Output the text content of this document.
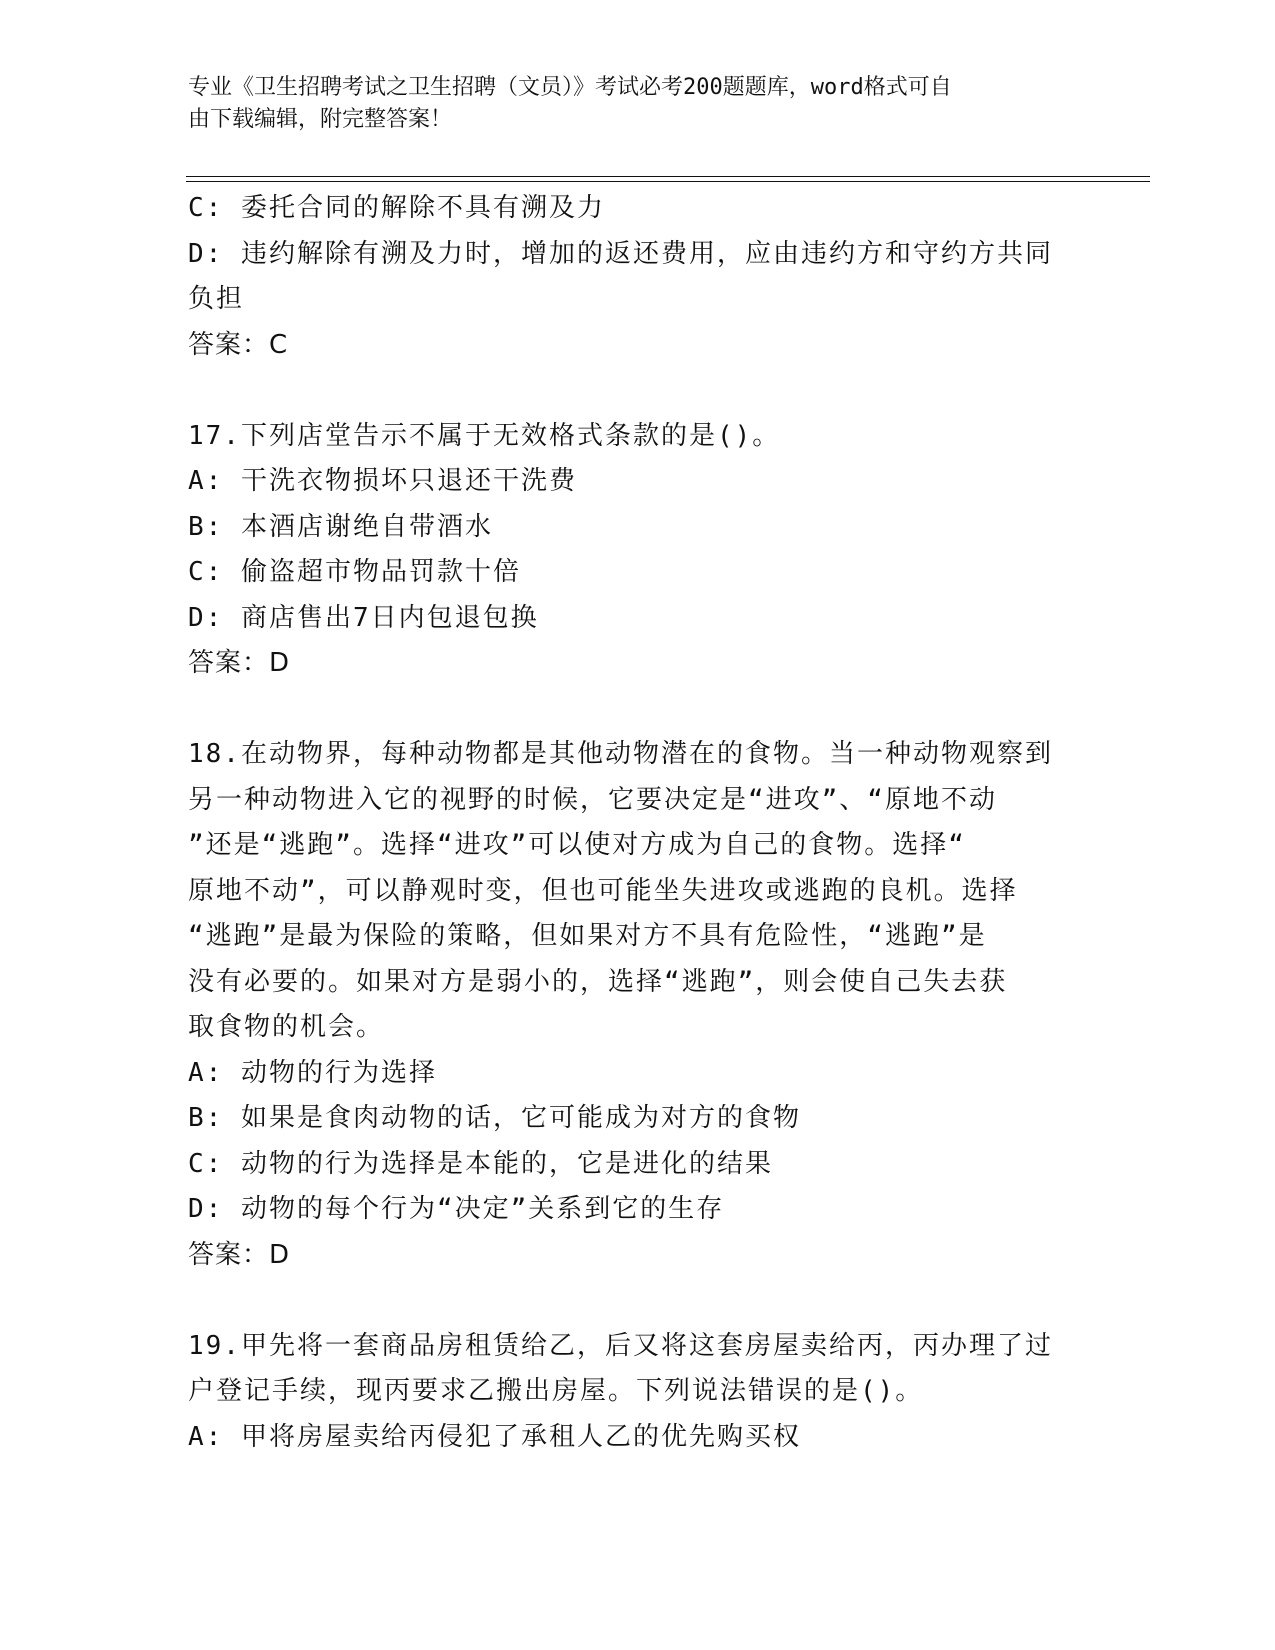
专业《卫生招聘考试之卫生招聘（文员）》考试必考200题题库，word格式可自
由下载编辑，附完整答案！
C: 委托合同的解除不具有溯及力
D: 违约解除有溯及力时，增加的返还费用，应由违约方和守约方共同
负担
答案：C
17.下列店堂告示不属于无效格式条款的是()。
A: 干洗衣物损坏只退还干洗费
B: 本酒店谢绝自带酒水
C: 偷盗超市物品罚款十倍
D: 商店售出7日内包退包换
答案：D
18.在动物界，每种动物都是其他动物潜在的食物。当一种动物观察到
另一种动物进入它的视野的时候，它要决定是“进攻”、“原地不动
”还是“逃跑”。选择“进攻”可以使对方成为自己的食物。选择“
原地不动”，可以静观时变，但也可能坐失进攻或逃跑的良机。选择
“逃跑”是最为保险的策略，但如果对方不具有危险性，“逃跑”是
没有必要的。如果对方是弱小的，选择“逃跑”，则会使自己失去获
取食物的机会。
A: 动物的行为选择
B: 如果是食肉动物的话，它可能成为对方的食物
C: 动物的行为选择是本能的，它是进化的结果
D: 动物的每个行为“决定”关系到它的生存
答案：D
19.甲先将一套商品房租赁给乙，后又将这套房屋卖给丙，丙办理了过
户登记手续，现丙要求乙搬出房屋。下列说法错误的是()。
A: 甲将房屋卖给丙侵犯了承租人乙的优先购买权
